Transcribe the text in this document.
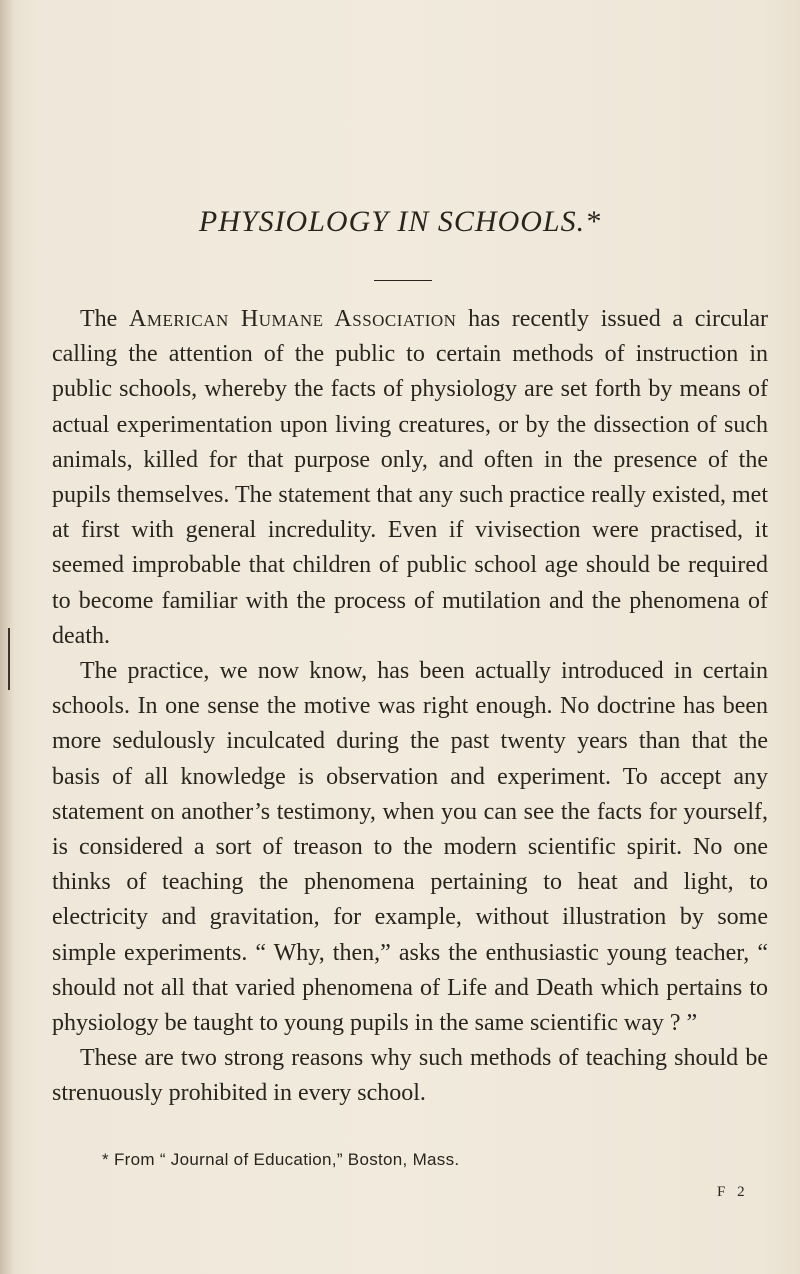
PHYSIOLOGY IN SCHOOLS.*

The American Humane Association has recently issued a circular calling the attention of the public to certain methods of instruction in public schools, whereby the facts of physiology are set forth by means of actual experimentation upon living creatures, or by the dissection of such animals, killed for that purpose only, and often in the presence of the pupils themselves. The statement that any such practice really existed, met at first with general incredulity. Even if vivisection were practised, it seemed improbable that children of public school age should be required to become familiar with the process of mutilation and the phenomena of death.

The practice, we now know, has been actually introduced in certain schools. In one sense the motive was right enough. No doctrine has been more sedulously inculcated during the past twenty years than that the basis of all knowledge is observation and experiment. To accept any statement on another’s testimony, when you can see the facts for yourself, is considered a sort of treason to the modern scientific spirit. No one thinks of teaching the phenomena pertaining to heat and light, to electricity and gravitation, for example, without illustration by some simple experiments. “ Why, then,” asks the enthusiastic young teacher, “ should not all that varied phenomena of Life and Death which pertains to physiology be taught to young pupils in the same scientific way ? ”

These are two strong reasons why such methods of teaching should be strenuously prohibited in every school.

* From “ Journal of Education,” Boston, Mass.
F 2
